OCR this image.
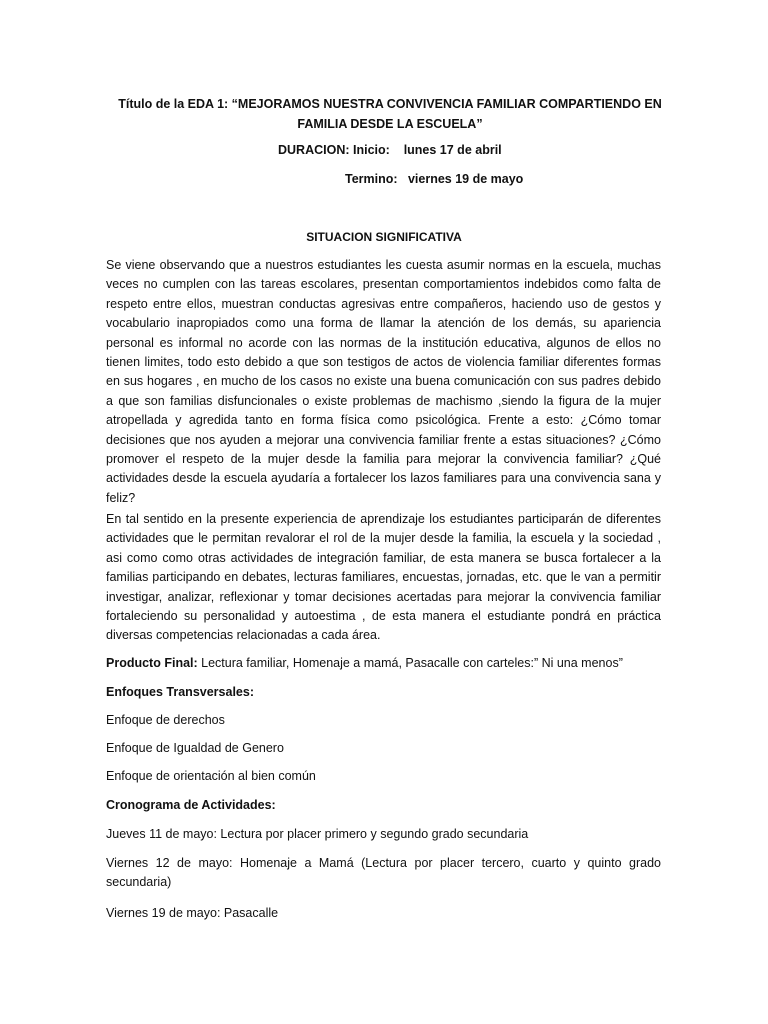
Título de la EDA 1: “MEJORAMOS NUESTRA CONVIVENCIA FAMILIAR COMPARTIENDO EN FAMILIA DESDE LA ESCUELA”
DURACION: Inicio:    lunes 17 de abril
Termino:   viernes 19 de mayo
SITUACION SIGNIFICATIVA

Se viene observando que a nuestros estudiantes les cuesta asumir normas en la escuela, muchas veces no cumplen con las tareas escolares, presentan comportamientos indebidos como falta de respeto entre ellos, muestran conductas agresivas entre compañeros, haciendo uso de gestos y vocabulario inapropiados como una forma de llamar la atención de los demás, su apariencia personal es informal no acorde con las normas de la institución educativa, algunos de ellos no tienen limites, todo esto debido a que son testigos de actos de violencia familiar diferentes formas en sus hogares , en mucho de los casos no existe una buena comunicación con sus padres debido a que son familias disfuncionales o existe problemas de machismo ,siendo la figura de la mujer atropellada y agredida tanto en forma física como psicológica. Frente a esto: ¿Cómo tomar decisiones que nos ayuden a mejorar una convivencia familiar frente a estas situaciones? ¿Cómo promover el respeto de la mujer desde la familia para mejorar la convivencia familiar? ¿Qué actividades desde la escuela ayudaría a fortalecer los lazos familiares para una convivencia sana y feliz?

En tal sentido en la presente experiencia de aprendizaje los estudiantes participarán de diferentes actividades que le permitan revalorar el rol de la mujer desde la familia, la escuela y la sociedad , asi como como otras actividades de integración familiar, de esta manera se busca fortalecer a la familias participando en debates, lecturas familiares, encuestas, jornadas, etc. que le van a permitir investigar, analizar, reflexionar y tomar decisiones acertadas para mejorar la convivencia familiar fortaleciendo su personalidad y autoestima , de esta manera el estudiante pondrá en práctica diversas competencias relacionadas a cada área.

Producto Final: Lectura familiar, Homenaje a mamá, Pasacalle con carteles:” Ni una menos”

Enfoques Transversales:

Enfoque de derechos

Enfoque de Igualdad de Genero

Enfoque de orientación al bien común

Cronograma de Actividades:

Jueves 11 de mayo: Lectura por placer primero y segundo grado secundaria

Viernes 12 de mayo: Homenaje a Mamá (Lectura por placer tercero, cuarto y quinto grado secundaria)

Viernes 19 de mayo: Pasacalle
